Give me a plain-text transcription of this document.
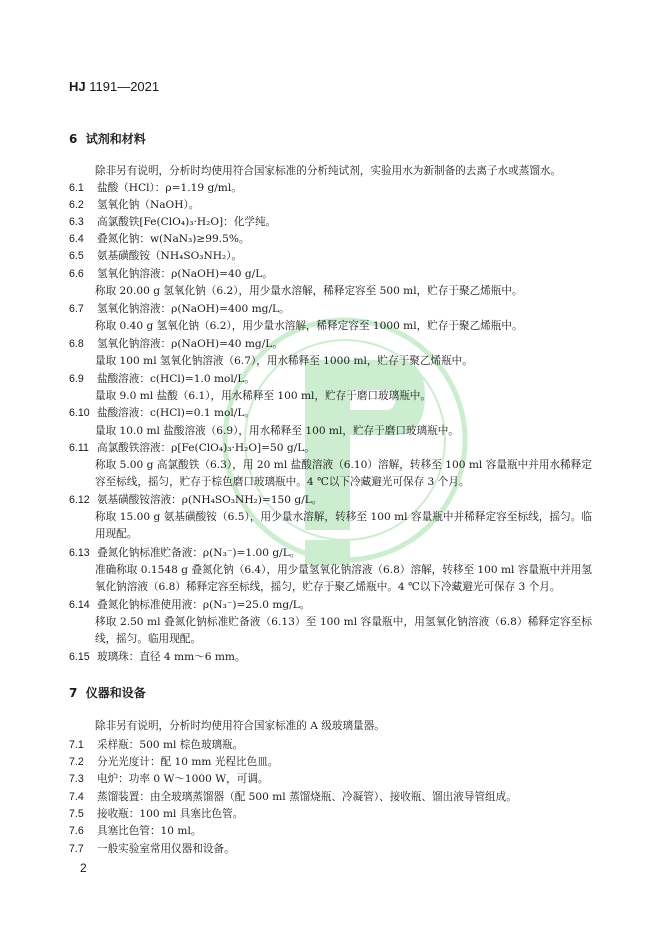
HJ 1191—2021
6  试剂和材料
除非另有说明，分析时均使用符合国家标准的分析纯试剂，实验用水为新制备的去离子水或蒸馏水。
6.1 盐酸（HCl）：ρ=1.19 g/ml。
6.2 氢氧化钠（NaOH）。
6.3 高氯酸铁[Fe(ClO₄)₃·H₂O]：化学纯。
6.4 叠氮化钠：w(NaN₃)≥99.5%。
6.5 氨基磺酸铵（NH₄SO₃NH₂）。
6.6 氢氧化钠溶液：ρ(NaOH)=40 g/L。
称取 20.00 g 氢氧化钠（6.2），用少量水溶解，稀释定容至 500 ml，贮存于聚乙烯瓶中。
6.7 氢氧化钠溶液：ρ(NaOH)=400 mg/L。
称取 0.40 g 氢氧化钠（6.2），用少量水溶解，稀释定容至 1000 ml，贮存于聚乙烯瓶中。
6.8 氢氧化钠溶液：ρ(NaOH)=40 mg/L。
量取 100 ml 氢氧化钠溶液（6.7），用水稀释至 1000 ml，贮存于聚乙烯瓶中。
6.9 盐酸溶液：c(HCl)=1.0 mol/L。
量取 9.0 ml 盐酸（6.1），用水稀释至 100 ml，贮存于磨口玻璃瓶中。
6.10 盐酸溶液：c(HCl)=0.1 mol/L。
量取 10.0 ml 盐酸溶液（6.9），用水稀释至 100 ml，贮存于磨口玻璃瓶中。
6.11 高氯酸铁溶液：ρ[Fe(ClO₄)₃·H₂O]=50 g/L。
称取 5.00 g 高氯酸铁（6.3），用 20 ml 盐酸溶液（6.10）溶解，转移至 100 ml 容量瓶中并用水稀释定容至标线，摇匀，贮存于棕色磨口玻璃瓶中。4 ℃以下冷藏避光可保存 3 个月。
6.12 氨基磺酸铵溶液：ρ(NH₄SO₃NH₂)=150 g/L。
称取 15.00 g 氨基磺酸铵（6.5），用少量水溶解，转移至 100 ml 容量瓶中并稀释定容至标线，摇匀。临用现配。
6.13 叠氮化钠标准贮备液：ρ(N₃⁻)=1.00 g/L。
准确称取 0.1548 g 叠氮化钠（6.4），用少量氢氧化钠溶液（6.8）溶解，转移至 100 ml 容量瓶中并用氢氧化钠溶液（6.8）稀释定容至标线，摇匀，贮存于聚乙烯瓶中。4 ℃以下冷藏避光可保存 3 个月。
6.14 叠氮化钠标准使用液：ρ(N₃⁻)=25.0 mg/L。
移取 2.50 ml 叠氮化钠标准贮备液（6.13）至 100 ml 容量瓶中，用氢氧化钠溶液（6.8）稀释定容至标线，摇匀。临用现配。
6.15 玻璃珠：直径 4 mm～6 mm。
7  仪器和设备
除非另有说明，分析时均使用符合国家标准的 A 级玻璃量器。
7.1 采样瓶：500 ml 棕色玻璃瓶。
7.2 分光光度计：配 10 mm 光程比色皿。
7.3 电炉：功率 0 W～1000 W，可调。
7.4 蒸馏装置：由全玻璃蒸馏器（配 500 ml 蒸馏烧瓶、冷凝管）、接收瓶、馏出液导管组成。
7.5 接收瓶：100 ml 具塞比色管。
7.6 具塞比色管：10 ml。
7.7 一般实验室常用仪器和设备。
2
